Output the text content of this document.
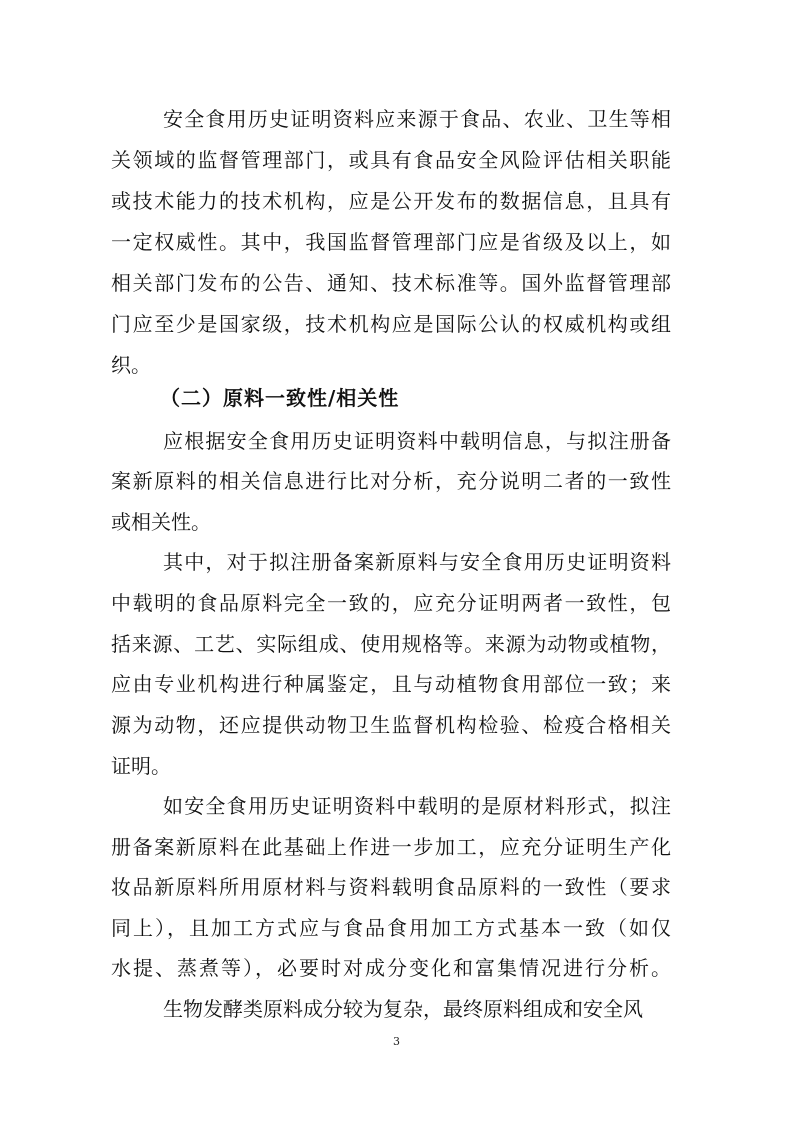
安全食用历史证明资料应来源于食品、农业、卫生等相
关领域的监督管理部门，或具有食品安全风险评估相关职能
或技术能力的技术机构，应是公开发布的数据信息，且具有
一定权威性。其中，我国监督管理部门应是省级及以上，如
相关部门发布的公告、通知、技术标准等。国外监督管理部
门应至少是国家级，技术机构应是国际公认的权威机构或组
织。
（二）原料一致性/相关性
应根据安全食用历史证明资料中载明信息，与拟注册备
案新原料的相关信息进行比对分析，充分说明二者的一致性
或相关性。
其中，对于拟注册备案新原料与安全食用历史证明资料
中载明的食品原料完全一致的，应充分证明两者一致性，包
括来源、工艺、实际组成、使用规格等。来源为动物或植物，
应由专业机构进行种属鉴定，且与动植物食用部位一致；来
源为动物，还应提供动物卫生监督机构检验、检疫合格相关
证明。
如安全食用历史证明资料中载明的是原材料形式，拟注
册备案新原料在此基础上作进一步加工，应充分证明生产化
妆品新原料所用原材料与资料载明食品原料的一致性（要求
同上），且加工方式应与食品食用加工方式基本一致（如仅
水提、蒸煮等），必要时对成分变化和富集情况进行分析。
生物发酵类原料成分较为复杂，最终原料组成和安全风
3
